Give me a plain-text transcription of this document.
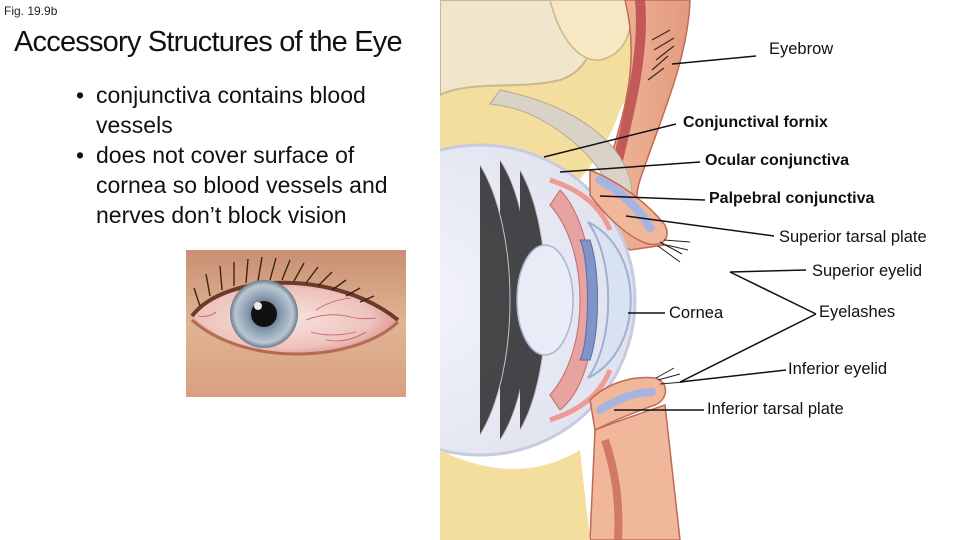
Fig. 19.9b
Accessory Structures of the Eye
• conjunctiva contains blood vessels
• does not cover surface of cornea so blood vessels and nerves don’t block vision
Eyebrow
Conjunctival fornix
Ocular conjunctiva
Palpebral conjunctiva
Superior tarsal plate
Superior eyelid
Cornea	Eyelashes
Inferior eyelid
Inferior tarsal plate
